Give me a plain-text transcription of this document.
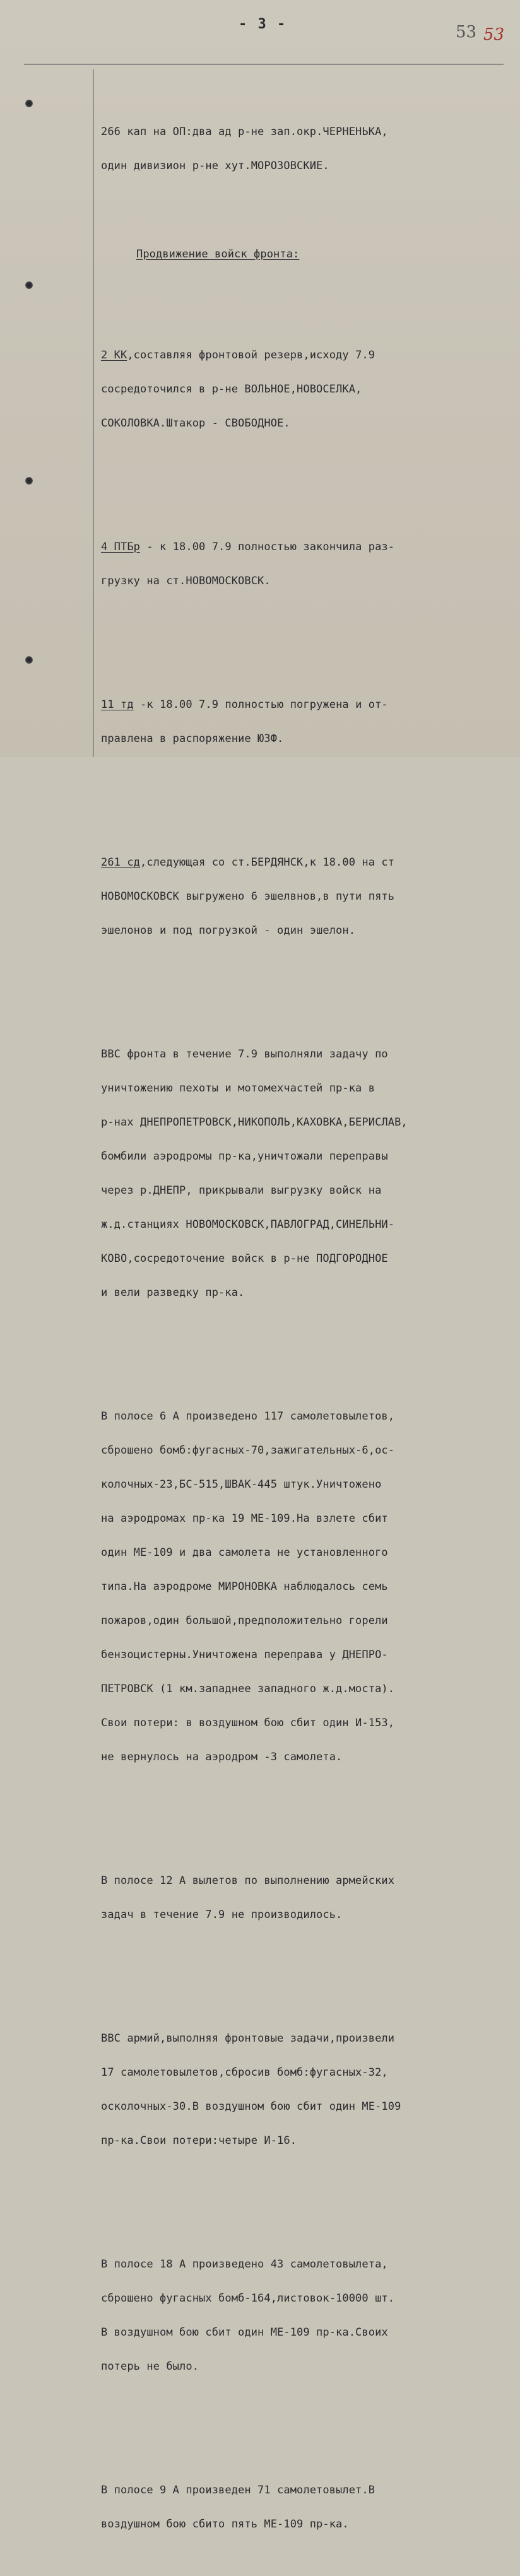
- 3 -	53 53

266 кап на ОП:два ад р-не зап.окр.ЧЕРНЕНЬКА,

один дивизион р-не хут.МОРОЗОВСКИЕ.

Продвижение войск фронта:

2 КК,составляя фронтовой резерв,исходу 7.9

сосредоточился в р-не ВОЛЬНОЕ,НОВОСЕЛКА,

СОКОЛОВКА.Штакор - СВОБОДНОЕ.

4 ПТБр - к 18.00 7.9 полностью закончила раз-

грузку на ст.НОВОМОСКОВСК.

11 тд -к 18.00 7.9 полностью погружена и от-

правлена в распоряжение ЮЗФ.

261 сд,следующая со ст.БЕРДЯНСК,к 18.00 на ст

НОВОМОСКОВСК выгружено 6 эшелвнов,в пути пять

эшелонов и под погрузкой - один эшелон.

ВВС фронта в течение 7.9 выполняли задачу по

уничтожению пехоты и мотомехчастей пр-ка в

р-нах ДНЕПРОПЕТРОВСК,НИКОПОЛЬ,КАХОВКА,БЕРИСЛАВ,

бомбили аэродромы пр-ка,уничтожали переправы

через р.ДНЕПР, прикрывали выгрузку войск на

ж.д.станциях НОВОМОСКОВСК,ПАВЛОГРАД,СИНЕЛЬНИ-

КОВО,сосредоточение войск в р-не ПОДГОРОДНОЕ

и вели разведку пр-ка.

В полосе 6 А произведено 117 самолетовылетов,

сброшено бомб:фугасных-70,зажигательных-6,ос-

колочных-23,БС-515,ШВАК-445 штук.Уничтожено

на аэродромах пр-ка 19 МЕ-109.На взлете сбит

один МЕ-109 и два самолета не установленного

типа.На аэродроме МИРОНОВКА наблюдалось семь

пожаров,один большой,предположительно горели

бензоцистерны.Уничтожена переправа у ДНЕПРО-

ПЕТРОВСК (1 км.западнее западного ж.д.моста).

Свои потери: в воздушном бою сбит один И-153,

не вернулось на аэродром -3 самолета.

В полосе 12 А вылетов по выполнению армейских

задач в течение 7.9 не производилось.

ВВС армий,выполняя фронтовые задачи,произвели

17 самолетовылетов,сбросив бомб:фугасных-32,

осколочных-30.В воздушном бою сбит один МЕ-109

пр-ка.Свои потери:четыре И-16.

В полосе 18 А произведено 43 самолетовылета,

сброшено фугасных бомб-164,листовок-10000 шт.

В воздушном бою сбит один МЕ-109 пр-ка.Своих

потерь не было.

В полосе 9 А произведен 71 самолетовылет.В

воздушном бою сбито пять МЕ-109 пр-ка.
